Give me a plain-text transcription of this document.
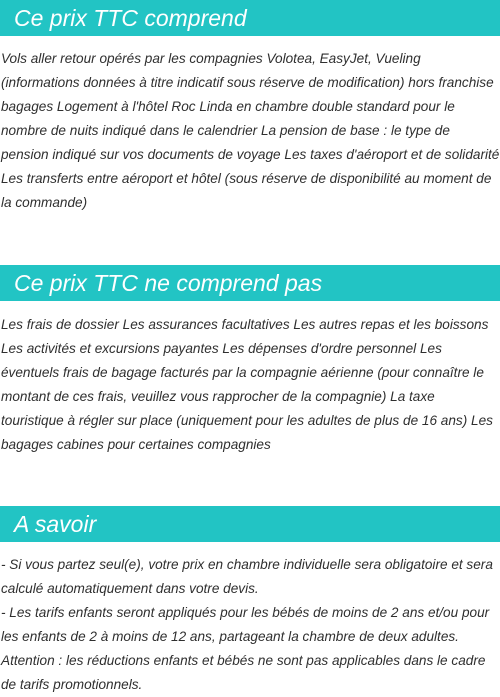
Ce prix TTC comprend

Vols aller retour opérés par les compagnies Volotea, EasyJet, Vueling (informations données à titre indicatif sous réserve de modification) hors franchise bagages Logement à l'hôtel Roc Linda en chambre double standard pour le nombre de nuits indiqué dans le calendrier La pension de base : le type de pension indiqué sur vos documents de voyage Les taxes d'aéroport et de solidarité Les transferts entre aéroport et hôtel (sous réserve de disponibilité au moment de la commande)

Ce prix TTC ne comprend pas

Les frais de dossier Les assurances facultatives Les autres repas et les boissons Les activités et excursions payantes Les dépenses d'ordre personnel Les éventuels frais de bagage facturés par la compagnie aérienne (pour connaître le montant de ces frais, veuillez vous rapprocher de la compagnie) La taxe touristique à régler sur place (uniquement pour les adultes de plus de 16 ans) Les bagages cabines pour certaines compagnies

A savoir

- Si vous partez seul(e), votre prix en chambre individuelle sera obligatoire et sera calculé automatiquement dans votre devis.

- Les tarifs enfants seront appliqués pour les bébés de moins de 2 ans et/ou pour les enfants de 2 à moins de 12 ans, partageant la chambre de deux adultes. Attention : les réductions enfants et bébés ne sont pas applicables dans le cadre de tarifs promotionnels.
